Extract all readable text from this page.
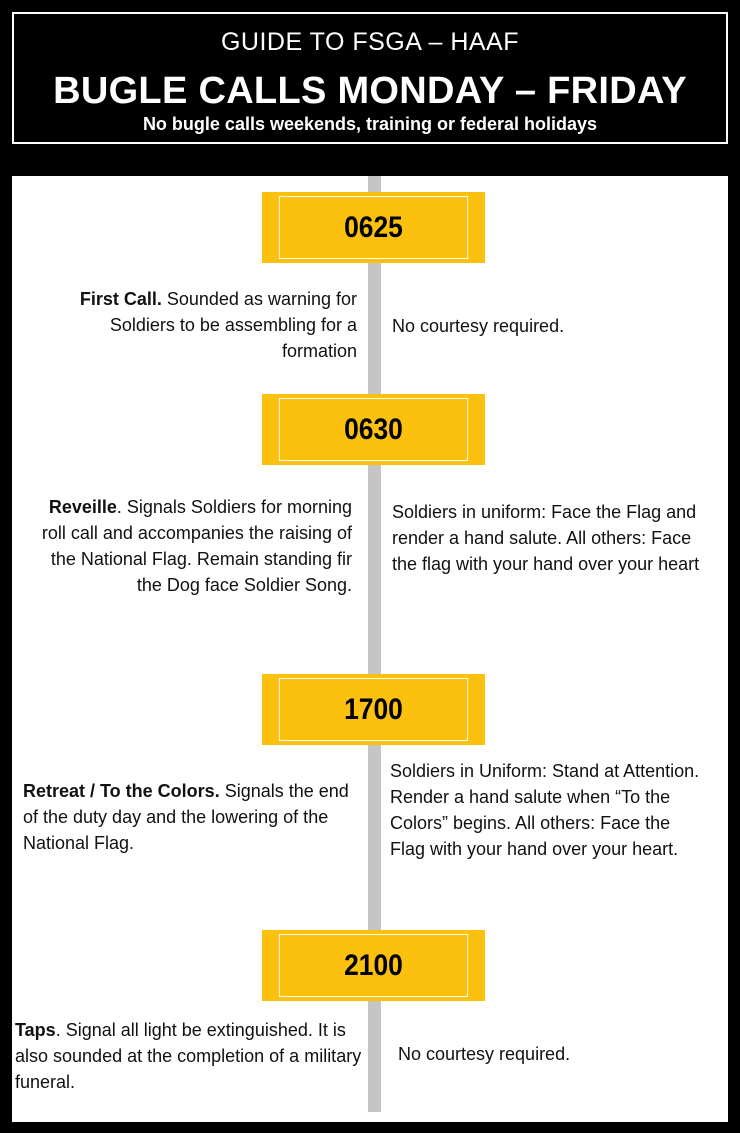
GUIDE TO FSGA – HAAF
BUGLE CALLS MONDAY – FRIDAY
No bugle calls weekends, training or federal holidays
0625
First Call. Sounded as warning for Soldiers to be assembling for a formation
No courtesy required.
0630
Reveille. Signals Soldiers for morning roll call and accompanies the raising of the National Flag. Remain standing fir the Dog face Soldier Song.
Soldiers in uniform: Face the Flag and render a hand salute. All others: Face the flag with your hand over your heart
1700
Retreat / To the Colors. Signals the end of the duty day and the lowering of the National Flag.
Soldiers in Uniform: Stand at Attention. Render a hand salute when “To the Colors” begins. All others: Face the Flag with your hand over your heart.
2100
Taps. Signal all light be extinguished. It is also sounded at the completion of a military funeral.
No courtesy required.
